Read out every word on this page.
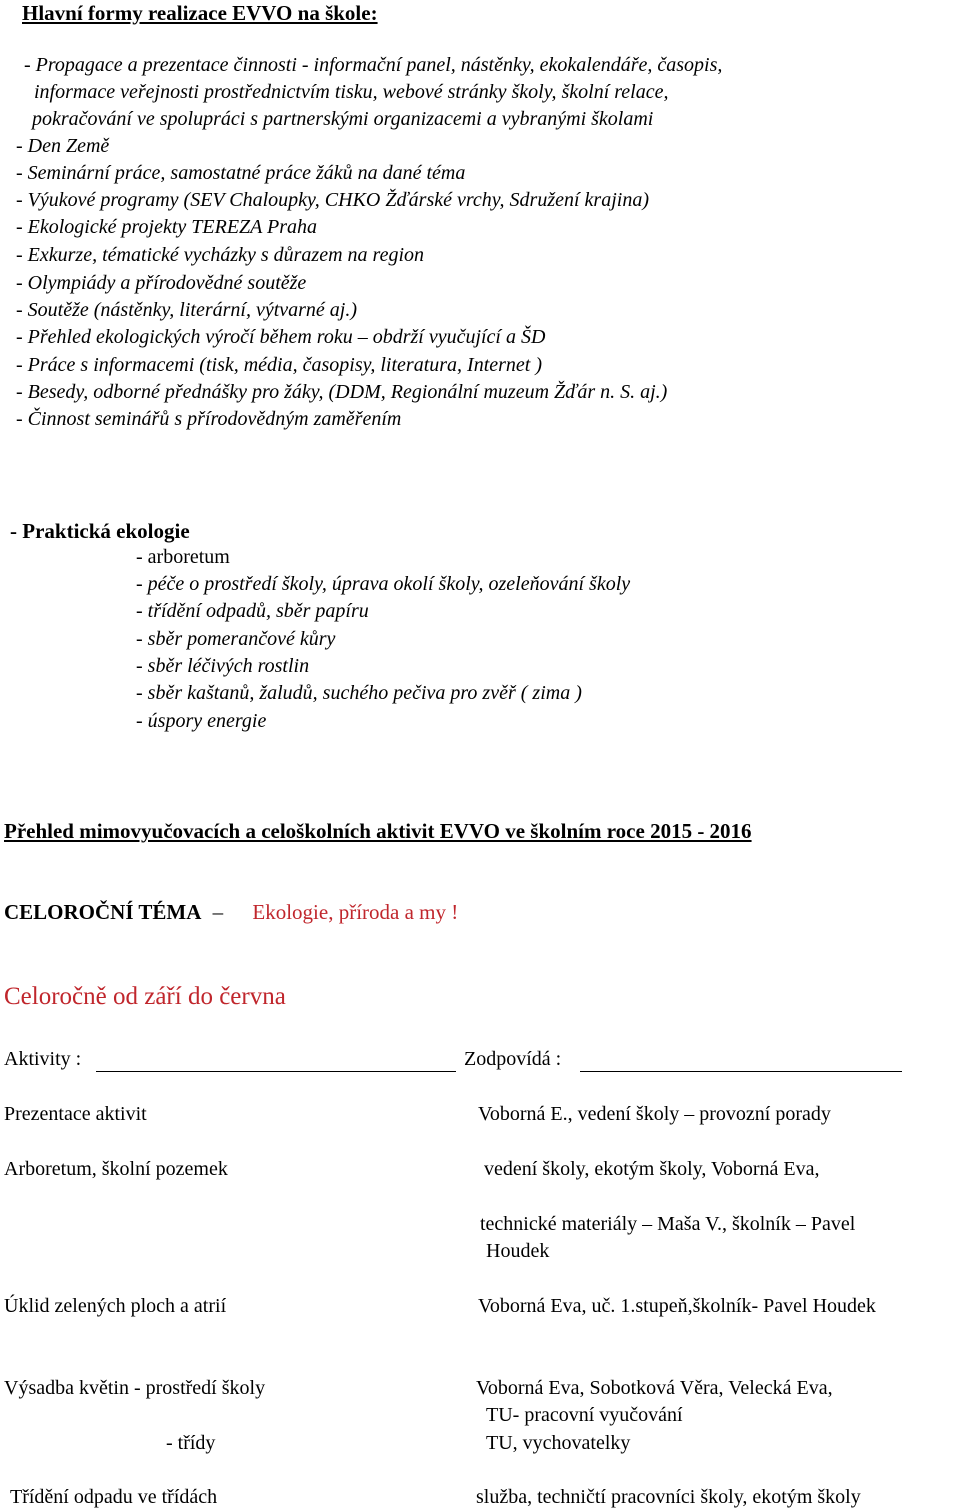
Hlavní formy realizace EVVO na škole:
- Propagace a prezentace činnosti - informační panel, nástěnky, ekokalendáře, časopis,
informace veřejnosti prostřednictvím tisku, webové stránky školy, školní relace,
pokračování ve spolupráci s partnerskými organizacemi a vybranými školami
- Den Země
- Seminární práce, samostatné práce žáků na dané téma
- Výukové programy (SEV Chaloupky, CHKO Žďárské vrchy, Sdružení krajina)
- Ekologické projekty TEREZA Praha
- Exkurze, tématické vycházky s důrazem na region
- Olympiády a přírodovědné soutěže
- Soutěže (nástěnky, literární, výtvarné aj.)
- Přehled ekologických výročí během roku – obdrží vyučující a ŠD
- Práce s informacemi (tisk, média, časopisy, literatura, Internet )
- Besedy, odborné přednášky pro žáky, (DDM, Regionální muzeum Žďár n. S. aj.)
- Činnost seminářů s přírodovědným zaměřením
- Praktická ekologie
- arboretum
- péče o prostředí školy, úprava okolí školy, ozeleňování školy
- třídění odpadů, sběr papíru
- sběr pomerančové kůry
- sběr léčivých rostlin
- sběr kaštanů, žaludů, suchého pečiva pro zvěř ( zima )
- úspory energie
Přehled mimovyučovacích a celoškolních aktivit EVVO ve školním roce 2015 - 2016
CELOROČNÍ TÉMA – Ekologie, příroda a my !
Celoročně od září do června
Aktivity :	Zodpovídá :
Prezentace aktivit	Voborná E., vedení školy – provozní porady
Arboretum, školní pozemek	vedení školy, ekotým školy, Voborná Eva,
technické materiály – Maša V., školník – Pavel
Houdek
Úklid zelených ploch a atrií	Voborná Eva, uč. 1.stupeň,školník- Pavel Houdek
Výsadba květin - prostředí školy	Voborná Eva, Sobotková Věra, Velecká Eva,
TU- pracovní vyučování
- třídy	TU, vychovatelky
Třídění odpadu ve třídách	služba, techničtí pracovníci školy, ekotým školy
